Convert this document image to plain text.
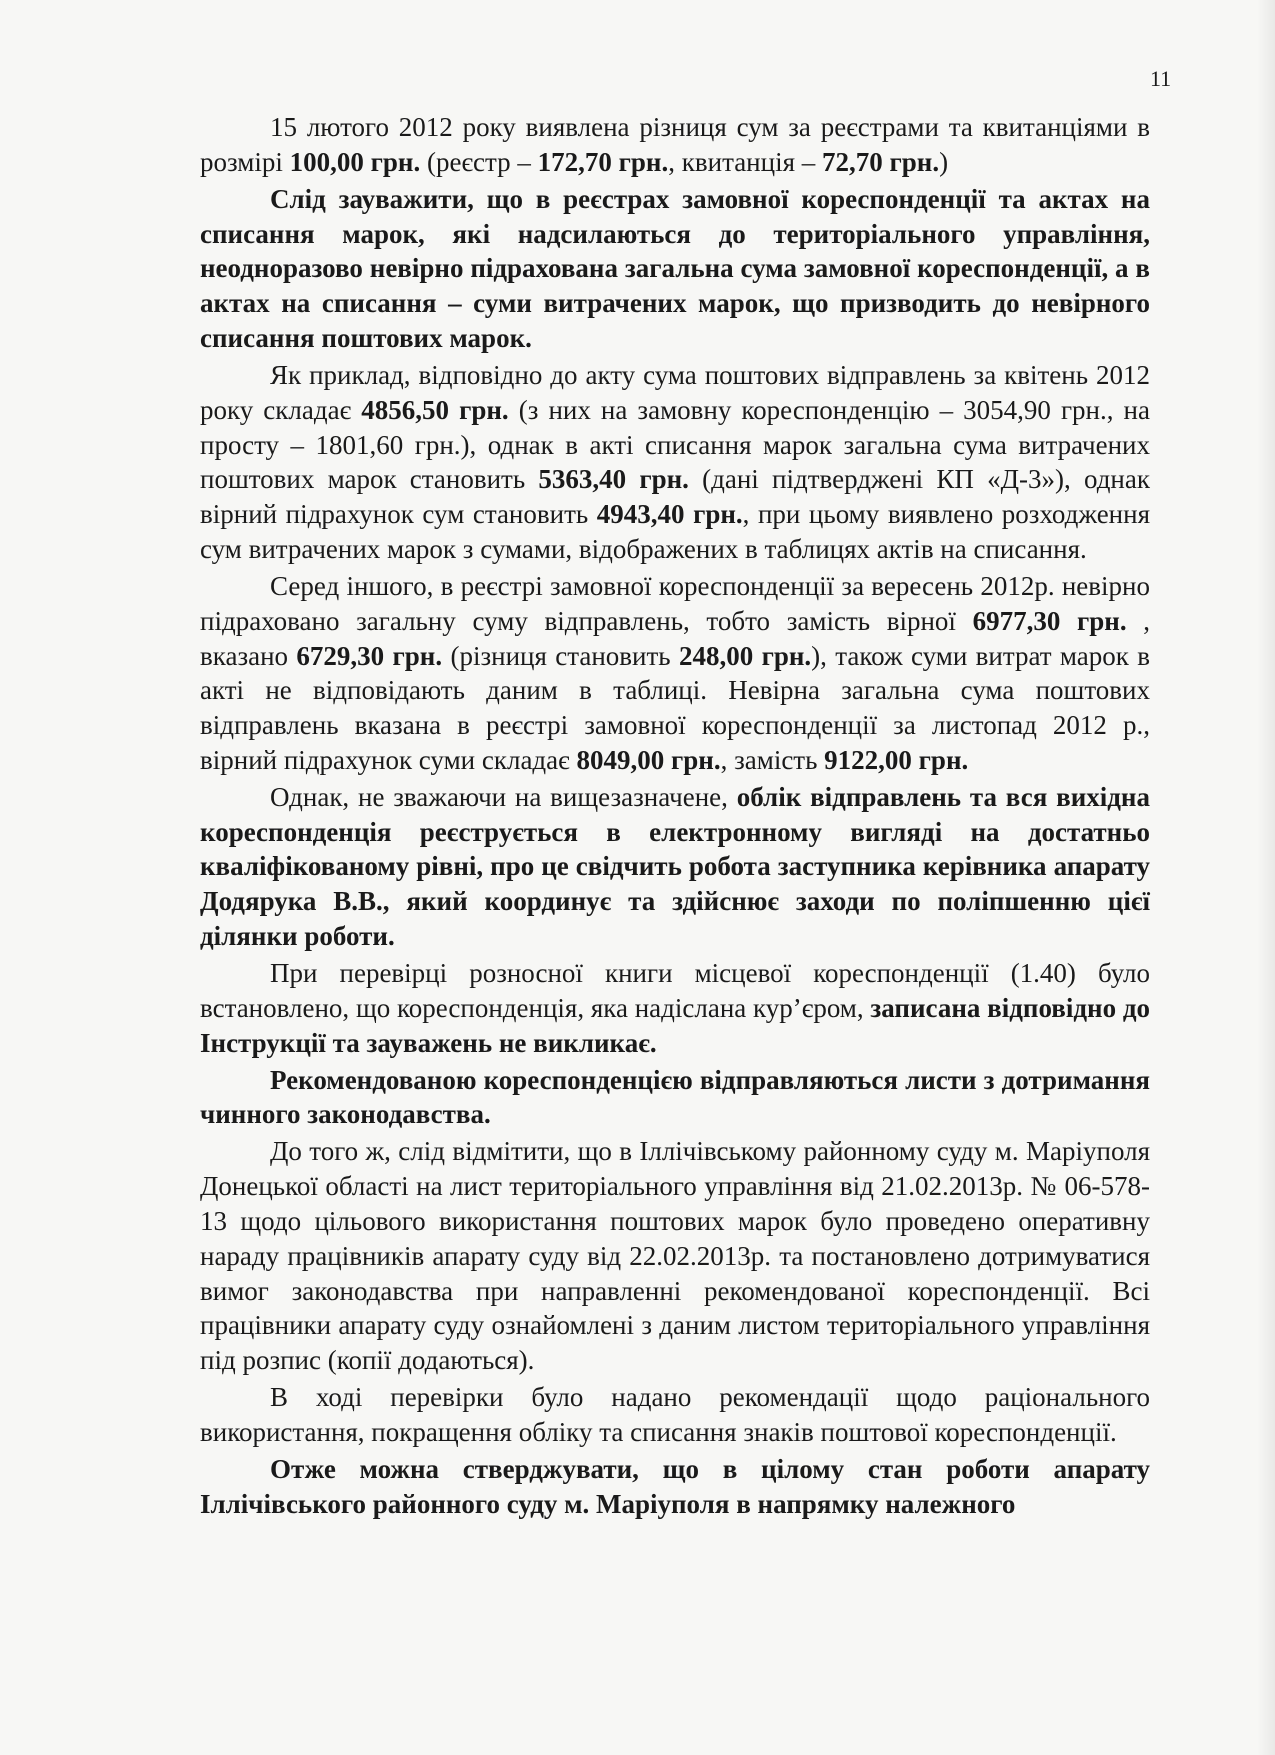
11

15 лютого 2012 року виявлена різниця сум за реєстрами та квитанціями в розмірі 100,00 грн. (реєстр – 172,70 грн., квитанція – 72,70 грн.)

Слід зауважити, що в реєстрах замовної кореспонденції та актах на списання марок, які надсилаються до територіального управління, неодноразово невірно підрахована загальна сума замовної кореспонденції, а в актах на списання – суми витрачених марок, що призводить до невірного списання поштових марок.

Як приклад, відповідно до акту сума поштових відправлень за квітень 2012 року складає 4856,50 грн. (з них на замовну кореспонденцію – 3054,90 грн., на просту – 1801,60 грн.), однак в акті списання марок загальна сума витрачених поштових марок становить 5363,40 грн. (дані підтверджені КП «Д-3»), однак вірний підрахунок сум становить 4943,40 грн., при цьому виявлено розходження сум витрачених марок з сумами, відображених в таблицях актів на списання.

Серед іншого, в реєстрі замовної кореспонденції за вересень 2012р. невірно підраховано загальну суму відправлень, тобто замість вірної 6977,30 грн. , вказано 6729,30 грн. (різниця становить 248,00 грн.), також суми витрат марок в акті не відповідають даним в таблиці. Невірна загальна сума поштових відправлень вказана в реєстрі замовної кореспонденції за листопад 2012 р., вірний підрахунок суми складає 8049,00 грн., замість 9122,00 грн.

Однак, не зважаючи на вищезазначене, облік відправлень та вся вихідна кореспонденція реєструється в електронному вигляді на достатньо кваліфікованому рівні, про це свідчить робота заступника керівника апарату Додярука В.В., який координує та здійснює заходи по поліпшенню цієї ділянки роботи.

При перевірці розносної книги місцевої кореспонденції (1.40) було встановлено, що кореспонденція, яка надіслана кур’єром, записана відповідно до Інструкції та зауважень не викликає.

Рекомендованою кореспонденцією відправляються листи з дотримання чинного законодавства.

До того ж, слід відмітити, що в Іллічівському районному суду м. Маріуполя Донецької області на лист територіального управління від 21.02.2013р. № 06-578-13 щодо цільового використання поштових марок було проведено оперативну нараду працівників апарату суду від 22.02.2013р. та постановлено дотримуватися вимог законодавства при направленні рекомендованої кореспонденції. Всі працівники апарату суду ознайомлені з даним листом територіального управління під розпис (копії додаються).

В ході перевірки було надано рекомендації щодо раціонального використання, покращення обліку та списання знаків поштової кореспонденції.

Отже можна стверджувати, що в цілому стан роботи апарату Іллічівського районного суду м. Маріуполя в напрямку належного
